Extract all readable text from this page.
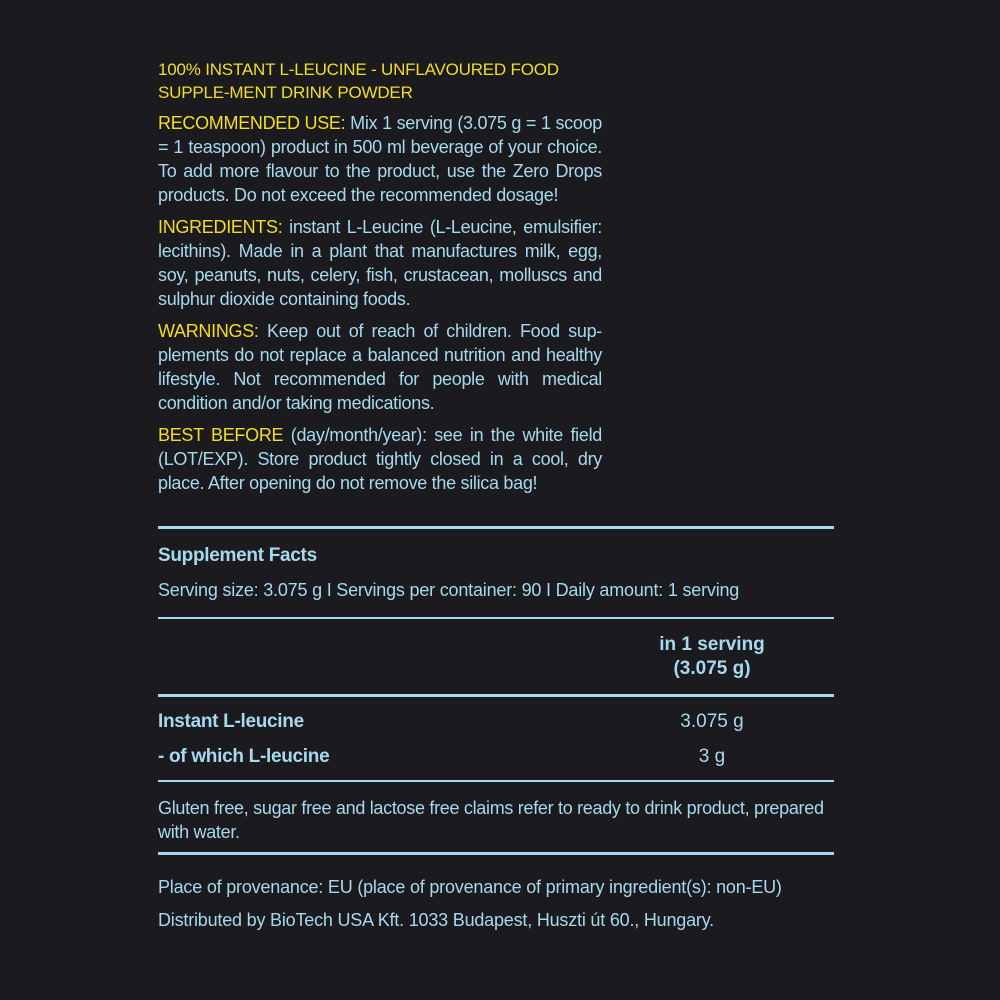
100% INSTANT L-LEUCINE - UNFLAVOURED FOOD SUPPLE-MENT DRINK POWDER

RECOMMENDED USE: Mix 1 serving (3.075 g = 1 scoop = 1 teaspoon) product in 500 ml beverage of your choice. To add more flavour to the product, use the Zero Drops products. Do not exceed the recommended dosage!

INGREDIENTS: instant L-Leucine (L-Leucine, emulsifier: lecithins). Made in a plant that manufactures milk, egg, soy, peanuts, nuts, celery, fish, crustacean, molluscs and sulphur dioxide containing foods.

WARNINGS: Keep out of reach of children. Food sup-plements do not replace a balanced nutrition and healthy lifestyle. Not recommended for people with medical condition and/or taking medications.

BEST BEFORE (day/month/year): see in the white field (LOT/EXP). Store product tightly closed in a cool, dry place. After opening do not remove the silica bag!

Supplement Facts
Serving size: 3.075 g I Servings per container: 90 I Daily amount: 1 serving
in 1 serving
(3.075 g)
Instant L-leucine	3.075 g
- of which L-leucine	3 g
Gluten free, sugar free and lactose free claims refer to ready to drink product, prepared with water.
Place of provenance: EU (place of provenance of primary ingredient(s): non-EU)
Distributed by BioTech USA Kft. 1033 Budapest, Huszti út 60., Hungary.
